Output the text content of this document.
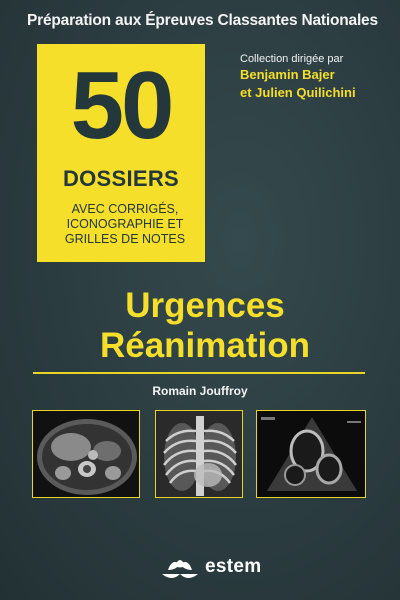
Préparation aux Épreuves Classantes Nationales
50
DOSSIERS
AVEC CORRIGÉS,
ICONOGRAPHIE ET
GRILLES DE NOTES
Collection dirigée par
Benjamin Bajer
et Julien Quilichini
Urgences
Réanimation
Romain Jouffroy
estem
